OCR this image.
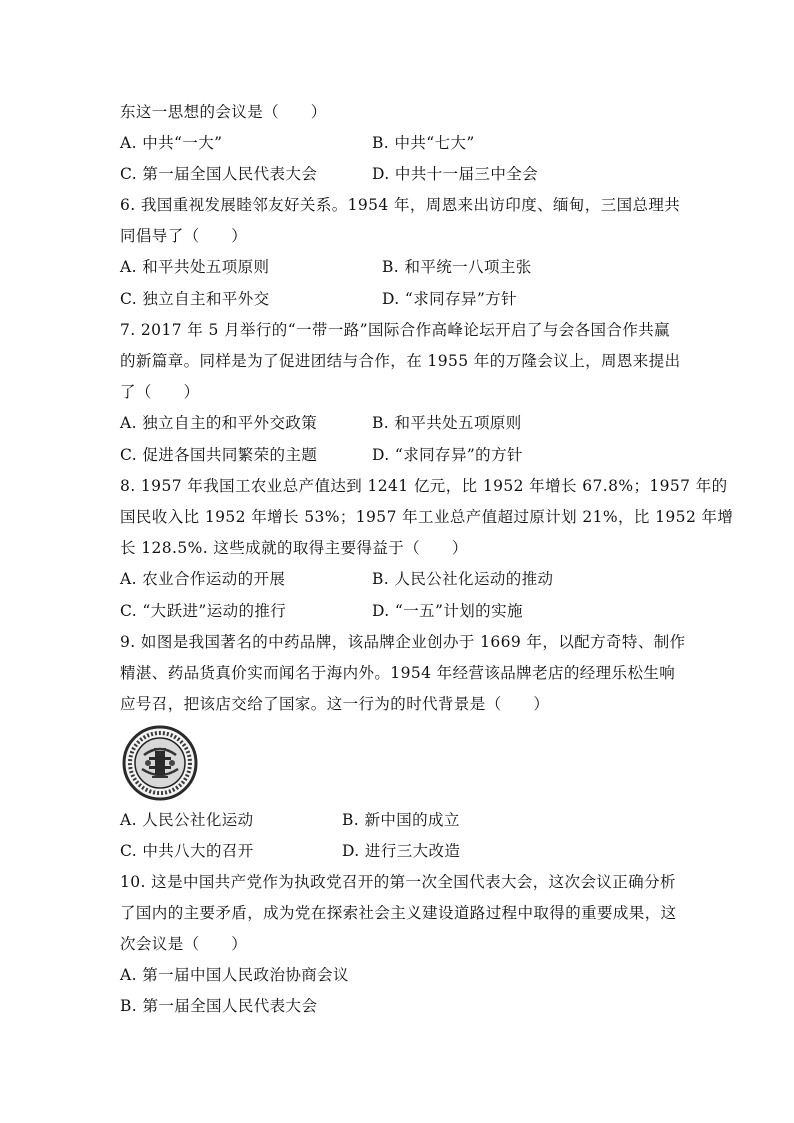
东这一思想的会议是（　　）
A. 中共“一大”	B. 中共“七大”
C. 第一届全国人民代表大会	D. 中共十一届三中全会
6. 我国重视发展睦邻友好关系。1954 年，周恩来出访印度、缅甸，三国总理共
同倡导了（　　）
A. 和平共处五项原则	B. 和平统一八项主张
C. 独立自主和平外交	D. “求同存异”方针
7. 2017 年 5 月举行的“一带一路”国际合作高峰论坛开启了与会各国合作共赢
的新篇章。同样是为了促进团结与合作，在 1955 年的万隆会议上，周恩来提出
了（　　）
A. 独立自主的和平外交政策	B. 和平共处五项原则
C. 促进各国共同繁荣的主题	D. “求同存异”的方针
8. 1957 年我国工农业总产值达到 1241 亿元，比 1952 年增长 67.8%；1957 年的
国民收入比 1952 年增长 53%；1957 年工业总产值超过原计划 21%，比 1952 年增
长 128.5%. 这些成就的取得主要得益于（　　）
A. 农业合作运动的开展	B. 人民公社化运动的推动
C. “大跃进”运动的推行	D. “一五”计划的实施
9. 如图是我国著名的中药品牌，该品牌企业创办于 1669 年，以配方奇特、制作
精湛、药品货真价实而闻名于海内外。1954 年经营该品牌老店的经理乐松生响
应号召，把该店交给了国家。这一行为的时代背景是（　　）
A. 人民公社化运动	B. 新中国的成立
C. 中共八大的召开	D. 进行三大改造
10. 这是中国共产党作为执政党召开的第一次全国代表大会，这次会议正确分析
了国内的主要矛盾，成为党在探索社会主义建设道路过程中取得的重要成果，这
次会议是（　　）
A. 第一届中国人民政治协商会议
B. 第一届全国人民代表大会
